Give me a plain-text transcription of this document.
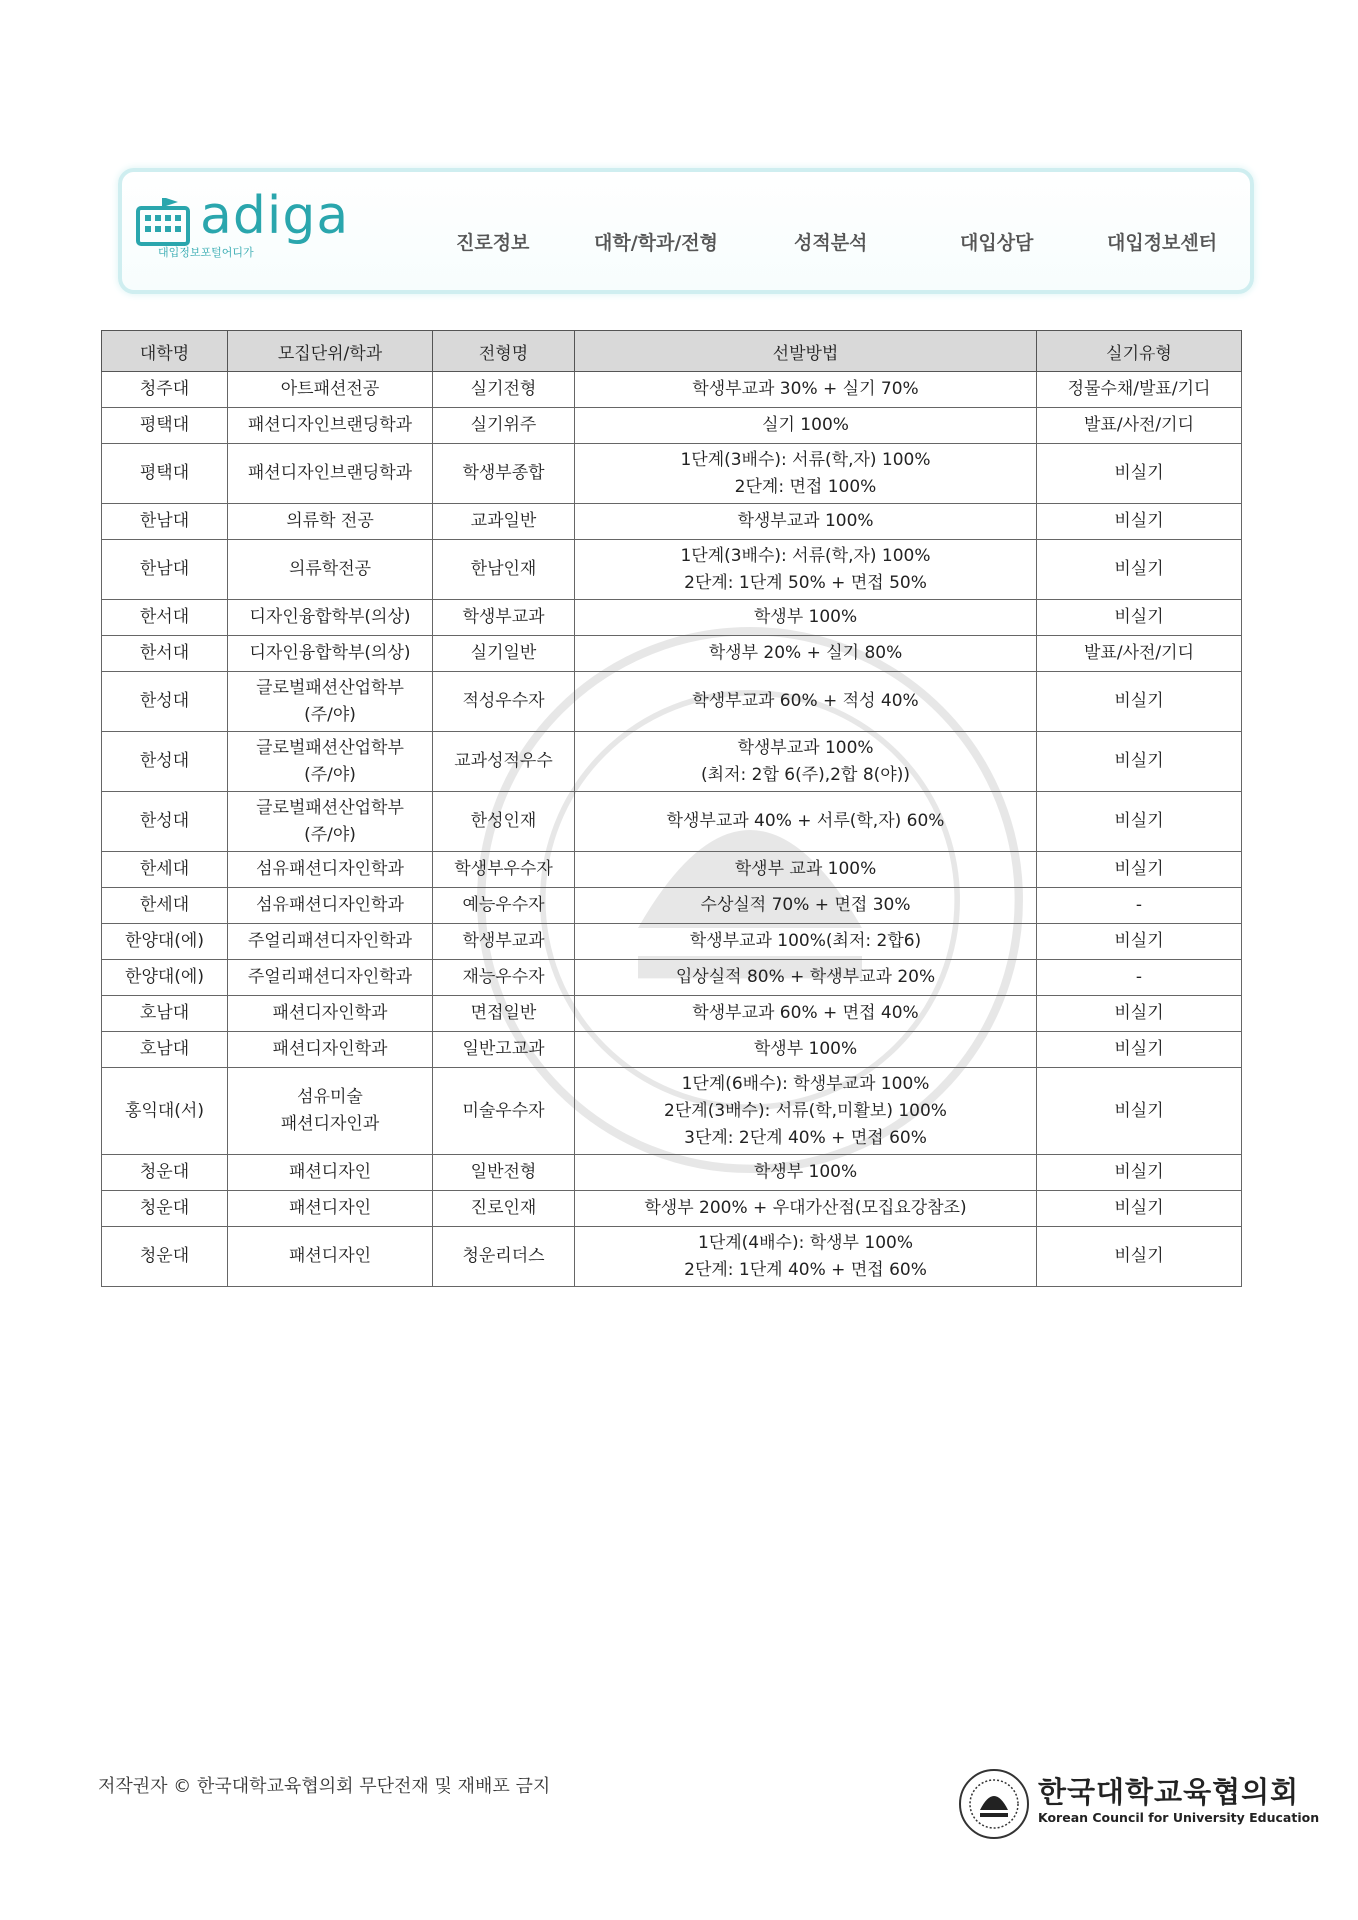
adiga
대입정보포털어디가	진로정보	대학/학과/전형	성적분석	대입상담	대입정보센터
대학명	모집단위/학과	전형명	선발방법	실기유형
청주대	아트패션전공	실기전형	학생부교과 30% + 실기 70%	정물수채/발표/기디
평택대	패션디자인브랜딩학과	실기위주	실기 100%	발표/사전/기디
평택대	패션디자인브랜딩학과	학생부종합	1단계(3배수): 서류(학,자) 100%
2단계: 면접 100%	비실기
한남대	의류학 전공	교과일반	학생부교과 100%	비실기
한남대	의류학전공	한남인재	1단계(3배수): 서류(학,자) 100%
2단계: 1단계 50% + 면접 50%	비실기
한서대	디자인융합학부(의상)	학생부교과	학생부 100%	비실기
한서대	디자인융합학부(의상)	실기일반	학생부 20% + 실기 80%	발표/사전/기디
한성대	글로벌패션산업학부
(주/야)	적성우수자	학생부교과 60% + 적성 40%	비실기
한성대	글로벌패션산업학부
(주/야)	교과성적우수	학생부교과 100%
(최저: 2합 6(주),2합 8(야))	비실기
한성대	글로벌패션산업학부
(주/야)	한성인재	학생부교과 40% + 서루(학,자) 60%	비실기
한세대	섬유패션디자인학과	학생부우수자	학생부 교과 100%	비실기
한세대	섬유패션디자인학과	예능우수자	수상실적 70% + 면접 30%	-
한양대(에)	주얼리패션디자인학과	학생부교과	학생부교과 100%(최저: 2합6)	비실기
한양대(에)	주얼리패션디자인학과	재능우수자	입상실적 80% + 학생부교과 20%	-
호남대	패션디자인학과	면접일반	학생부교과 60% + 면접 40%	비실기
호남대	패션디자인학과	일반고교과	학생부 100%	비실기
홍익대(서)	섬유미술
패션디자인과	미술우수자	1단계(6배수): 학생부교과 100%
2단계(3배수): 서류(학,미활보) 100%
3단계: 2단계 40% + 면접 60%	비실기
청운대	패션디자인	일반전형	학생부 100%	비실기
청운대	패션디자인	진로인재	학생부 200% + 우대가산점(모집요강참조)	비실기
청운대	패션디자인	청운리더스	1단계(4배수): 학생부 100%
2단계: 1단계 40% + 면접 60%	비실기
저작권자 © 한국대학교육협의회 무단전재 및 재배포 금지	한국대학교육협의회
Korean Council for University Education
